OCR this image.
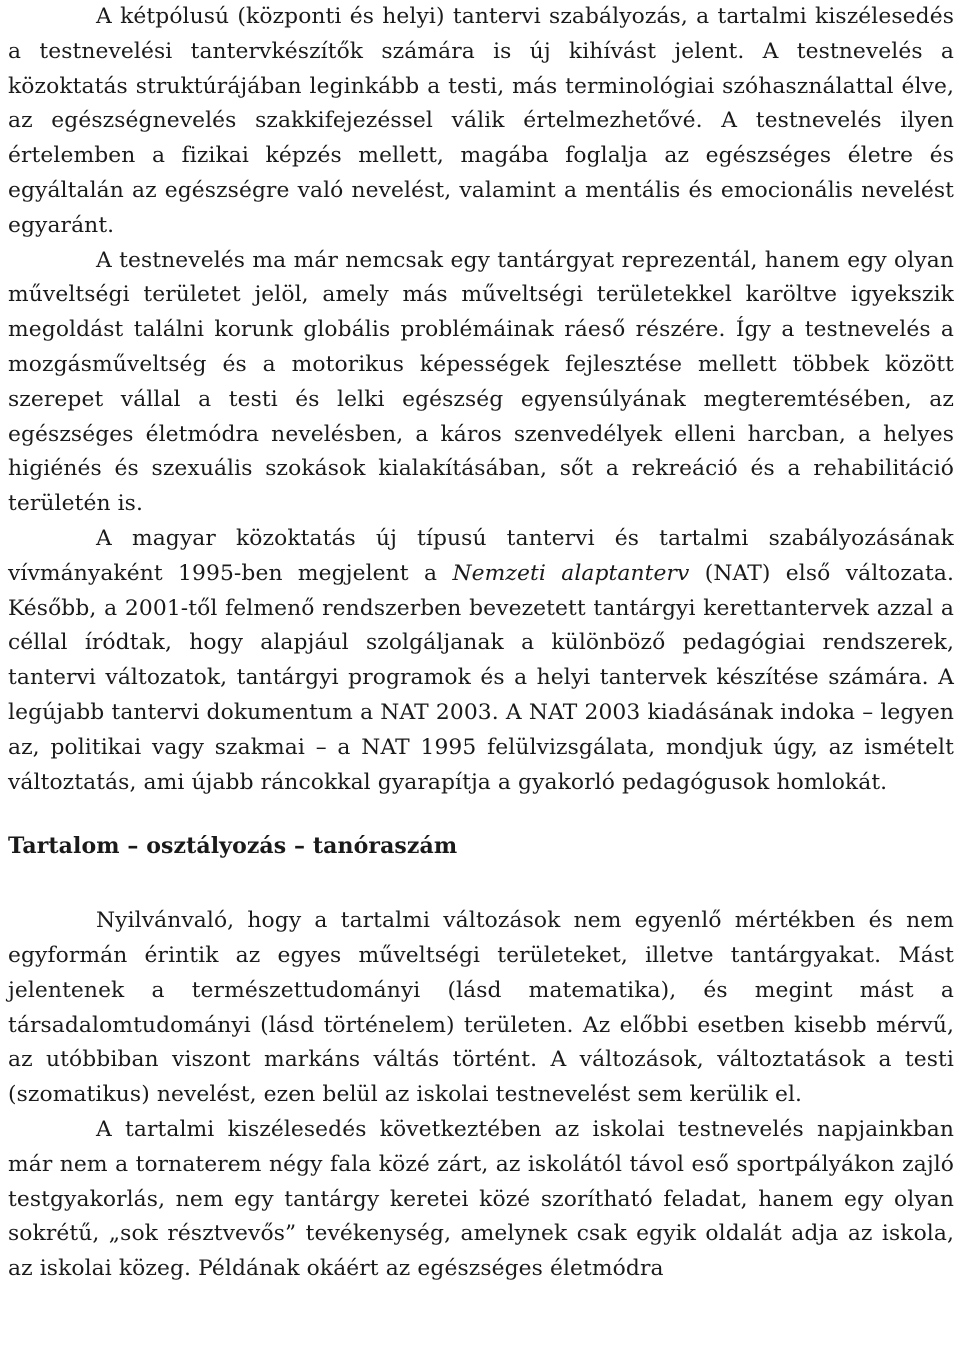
A kétpólusú (központi és helyi) tantervi szabályozás, a tartalmi kiszélesedés a testnevelési tantervkészítők számára is új kihívást jelent. A testnevelés a közoktatás struktúrájában leginkább a testi, más terminológiai szóhasználattal élve, az egészségnevelés szakkifejezéssel válik értelmezhetővé. A testnevelés ilyen értelemben a fizikai képzés mellett, magába foglalja az egészséges életre és egyáltalán az egészségre való nevelést, valamint a mentális és emocionális nevelést egyaránt.

A testnevelés ma már nemcsak egy tantárgyat reprezentál, hanem egy olyan műveltségi területet jelöl, amely más műveltségi területekkel karöltve igyekszik megoldást találni korunk globális problémáinak ráeső részére. Így a testnevelés a mozgásműveltség és a motorikus képességek fejlesztése mellett többek között szerepet vállal a testi és lelki egészség egyensúlyának megteremtésében, az egészséges életmódra nevelésben, a káros szenvedélyek elleni harcban, a helyes higiénés és szexuális szokások kialakításában, sőt a rekreáció és a rehabilitáció területén is.

A magyar közoktatás új típusú tantervi és tartalmi szabályozásának vívmányaként 1995-ben megjelent a Nemzeti alaptanterv (NAT) első változata. Később, a 2001-től felmenő rendszerben bevezetett tantárgyi kerettantervek azzal a céllal íródtak, hogy alapjául szolgáljanak a különböző pedagógiai rendszerek, tantervi változatok, tantárgyi programok és a helyi tantervek készítése számára. A legújabb tantervi dokumentum a NAT 2003. A NAT 2003 kiadásának indoka – legyen az, politikai vagy szakmai – a NAT 1995 felülvizsgálata, mondjuk úgy, az ismételt változtatás, ami újabb ráncokkal gyarapítja a gyakorló pedagógusok homlokát.

Tartalom – osztályozás – tanóraszám

Nyilvánvaló, hogy a tartalmi változások nem egyenlő mértékben és nem egyformán érintik az egyes műveltségi területeket, illetve tantárgyakat. Mást jelentenek a természettudományi (lásd matematika), és megint mást a társadalomtudományi (lásd történelem) területen. Az előbbi esetben kisebb mérvű, az utóbbiban viszont markáns váltás történt. A változások, változtatások a testi (szomatikus) nevelést, ezen belül az iskolai testnevelést sem kerülik el.

A tartalmi kiszélesedés következtében az iskolai testnevelés napjainkban már nem a tornaterem négy fala közé zárt, az iskolától távol eső sportpályákon zajló testgyakorlás, nem egy tantárgy keretei közé szorítható feladat, hanem egy olyan sokrétű, „sok résztvevős” tevékenység, amelynek csak egyik oldalát adja az iskola, az iskolai közeg. Példának okáért az egészséges életmódra
